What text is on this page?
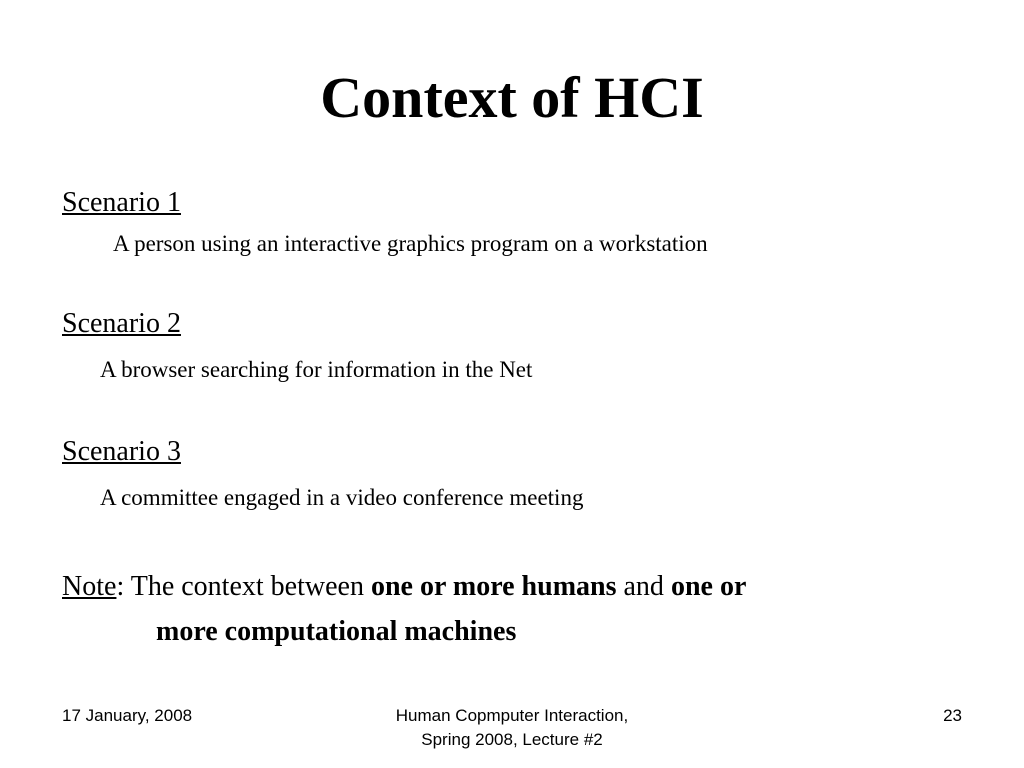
Context of HCI
Scenario 1
A person using an interactive graphics program on a workstation
Scenario 2
A browser searching for information in the Net
Scenario 3
A committee engaged in a video conference meeting
Note: The context between one or more humans and one or
more computational machines
17 January, 2008	Human Copmputer Interaction,
Spring 2008, Lecture #2
23
